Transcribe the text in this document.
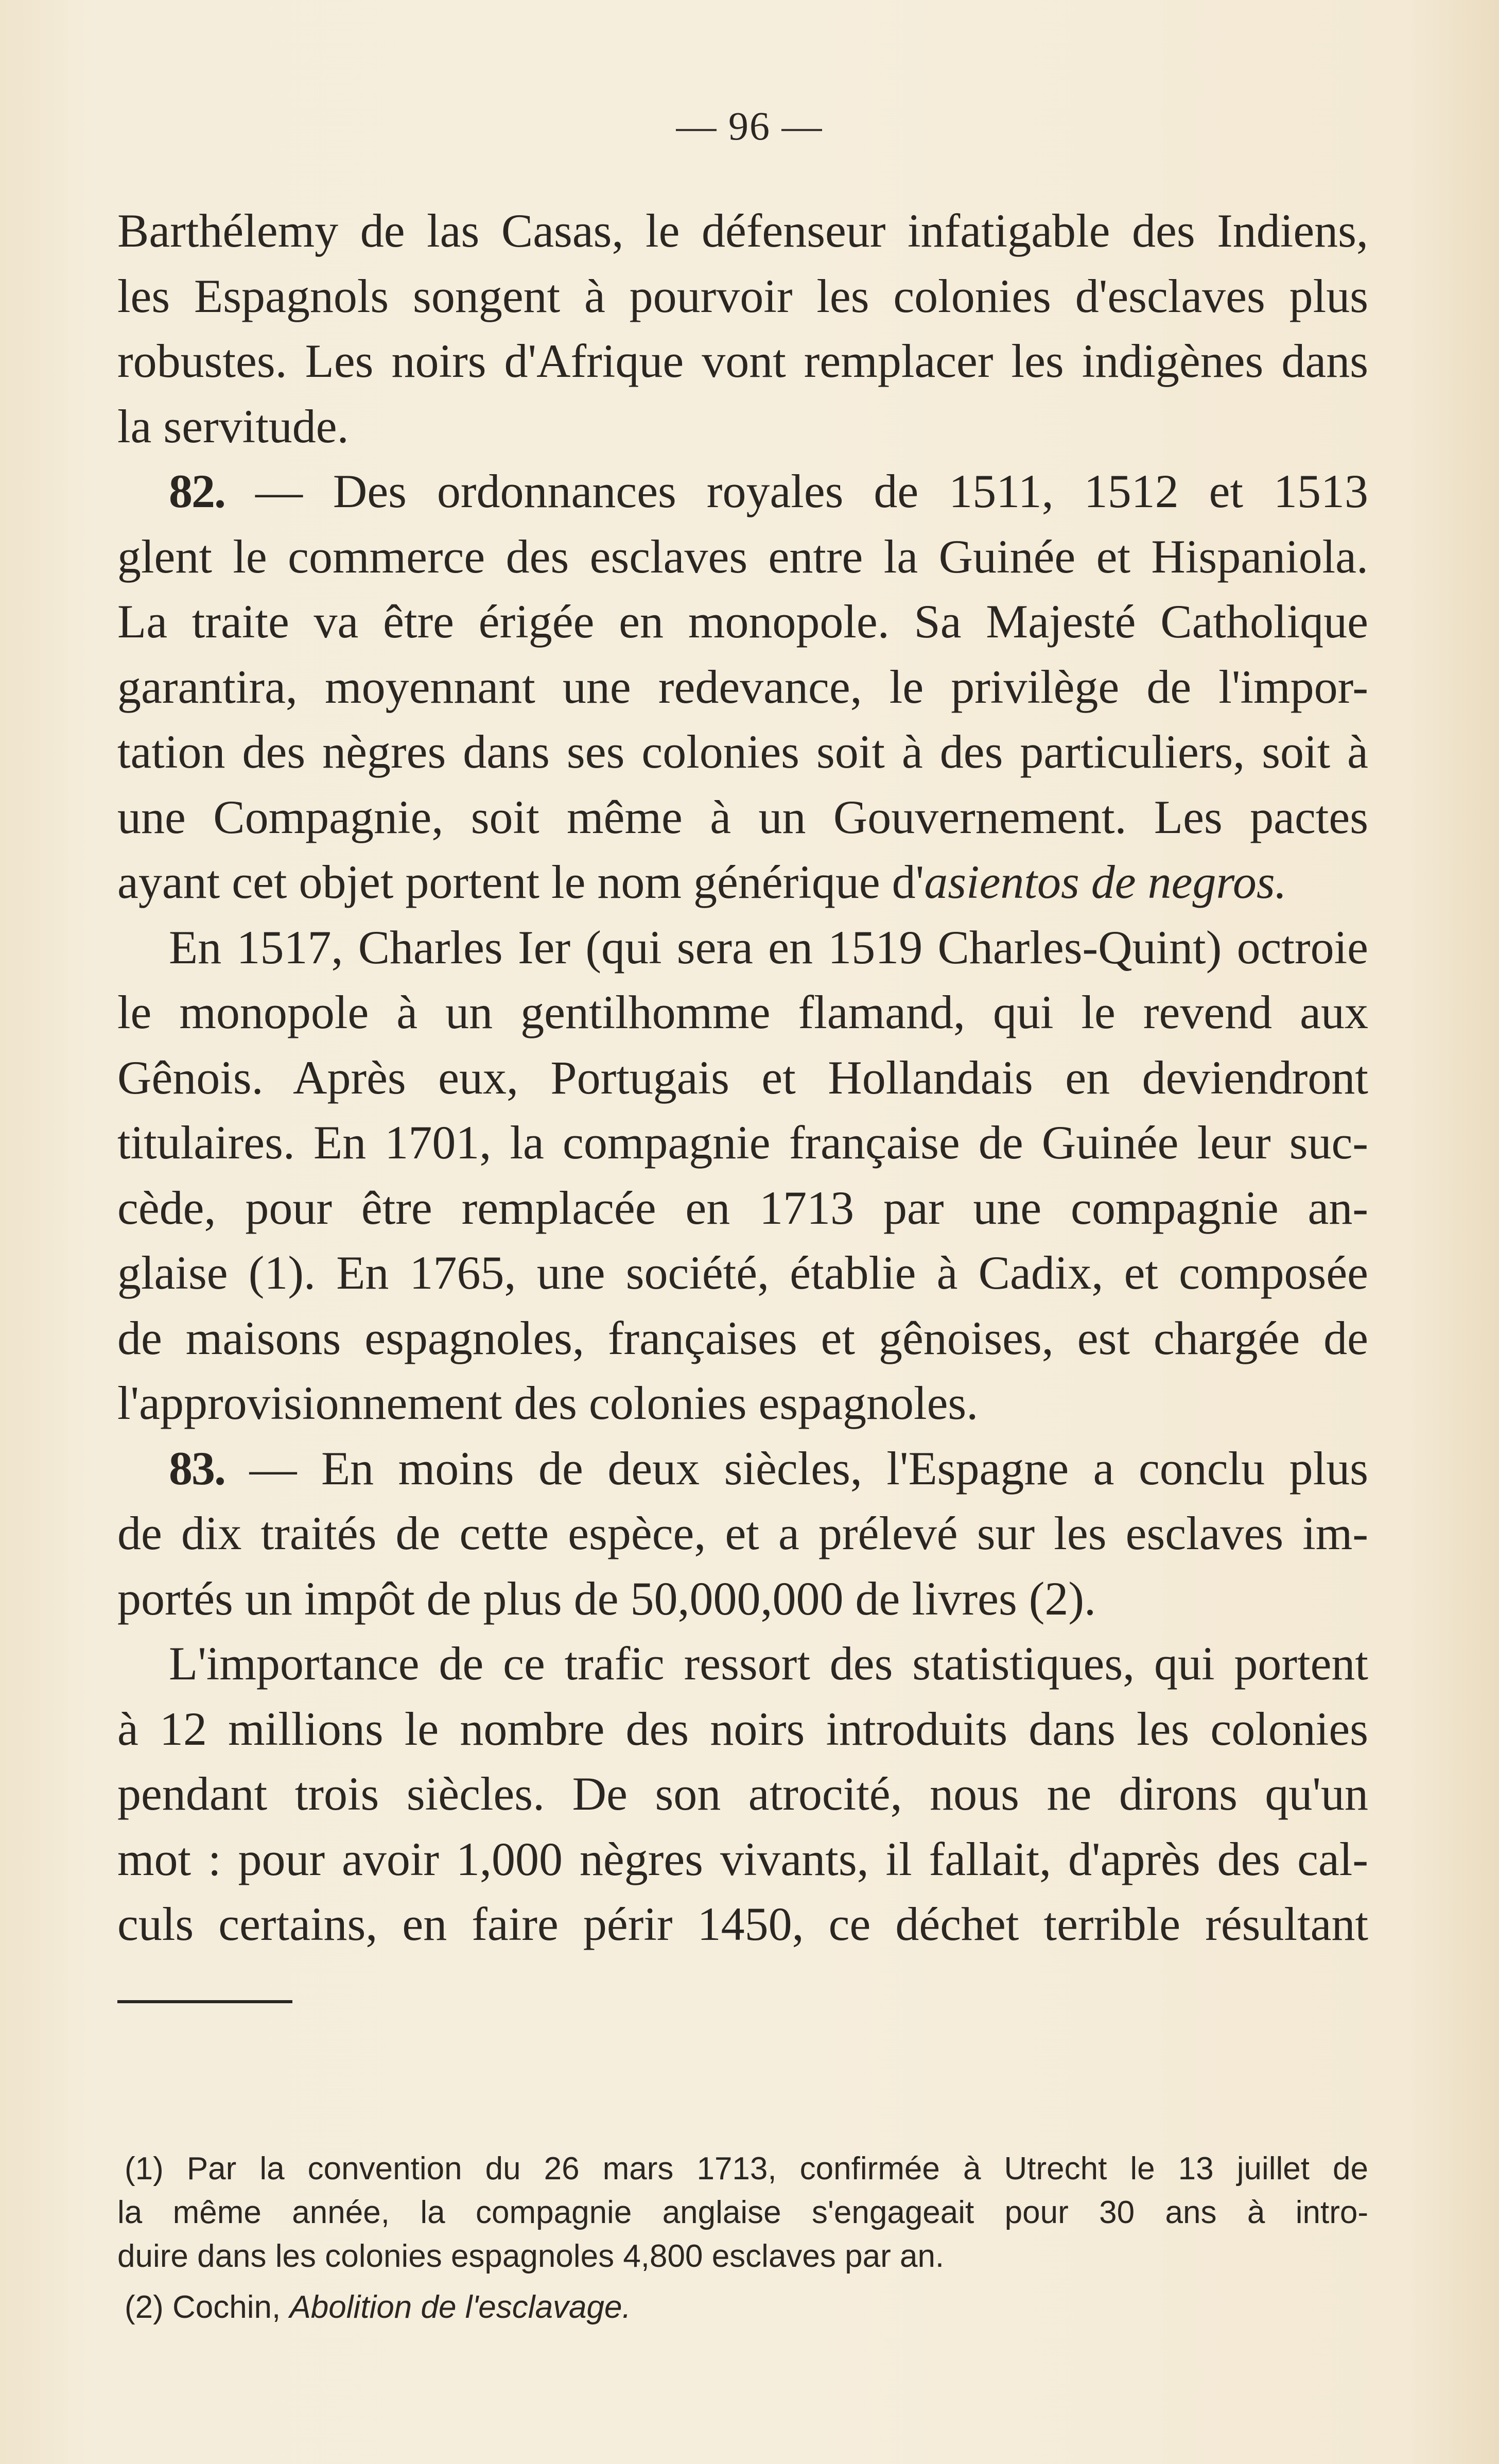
— 96 —
Barthélemy de las Casas, le défenseur infatigable des Indiens,
les Espagnols songent à pourvoir les colonies d'esclaves plus
robustes. Les noirs d'Afrique vont remplacer les indigènes dans
la servitude.
82. — Des ordonnances royales de 1511, 1512 et 1513
glent le commerce des esclaves entre la Guinée et Hispaniola.
La traite va être érigée en monopole. Sa Majesté Catholique
garantira, moyennant une redevance, le privilège de l'impor-
tation des nègres dans ses colonies soit à des particuliers, soit à
une Compagnie, soit même à un Gouvernement. Les pactes
ayant cet objet portent le nom générique d'asientos de negros.
En 1517, Charles Ier (qui sera en 1519 Charles-Quint) octroie
le monopole à un gentilhomme flamand, qui le revend aux
Gênois. Après eux, Portugais et Hollandais en deviendront
titulaires. En 1701, la compagnie française de Guinée leur suc-
cède, pour être remplacée en 1713 par une compagnie an-
glaise (1). En 1765, une société, établie à Cadix, et composée
de maisons espagnoles, françaises et gênoises, est chargée de
l'approvisionnement des colonies espagnoles.
83. — En moins de deux siècles, l'Espagne a conclu plus
de dix traités de cette espèce, et a prélevé sur les esclaves im-
portés un impôt de plus de 50,000,000 de livres (2).
L'importance de ce trafic ressort des statistiques, qui portent
à 12 millions le nombre des noirs introduits dans les colonies
pendant trois siècles. De son atrocité, nous ne dirons qu'un
mot : pour avoir 1,000 nègres vivants, il fallait, d'après des cal-
culs certains, en faire périr 1450, ce déchet terrible résultant
(1) Par la convention du 26 mars 1713, confirmée à Utrecht le 13 juillet de
la même année, la compagnie anglaise s'engageait pour 30 ans à intro-
duire dans les colonies espagnoles 4,800 esclaves par an.
(2) Cochin, Abolition de l'esclavage.
